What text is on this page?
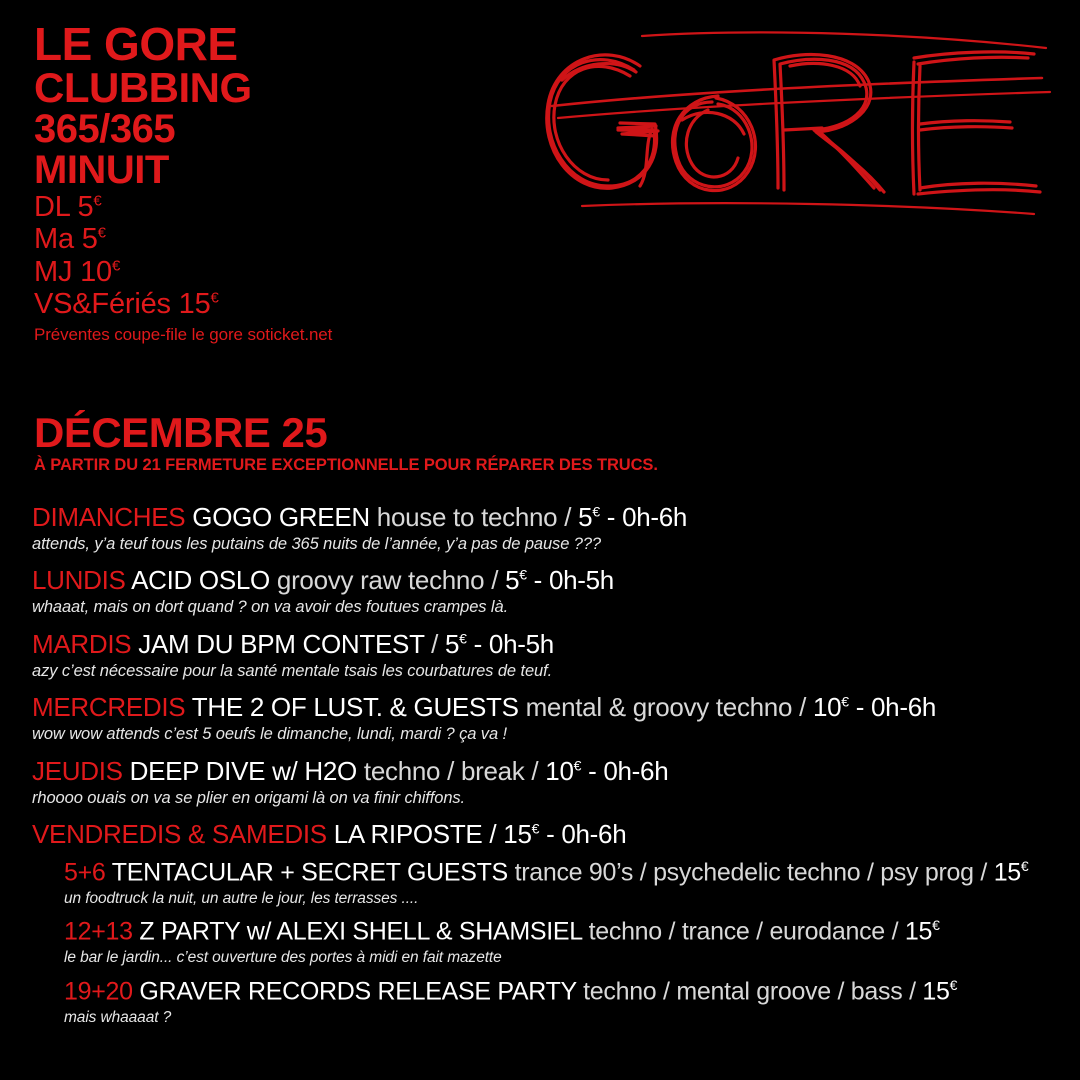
LE GORE
CLUBBING
365/365
MINUIT
DL 5€
Ma 5€
MJ 10€
VS&Fériés 15€
Préventes coupe-file le gore soticket.net
DÉCEMBRE 25
À PARTIR DU 21 FERMETURE EXCEPTIONNELLE POUR RÉPARER DES TRUCS.
DIMANCHES GOGO GREEN house to techno / 5€ - 0h-6h
attends, y’a teuf tous les putains de 365 nuits de l’année, y’a pas de pause ???
LUNDIS ACID OSLO groovy raw techno / 5€ - 0h-5h
whaaat, mais on dort quand ? on va avoir des foutues crampes là.
MARDIS JAM DU BPM CONTEST / 5€ - 0h-5h
azy c’est nécessaire pour la santé mentale tsais les courbatures de teuf.
MERCREDIS THE 2 OF LUST. & GUESTS mental & groovy techno / 10€ - 0h-6h
wow wow attends c’est 5 oeufs le dimanche, lundi, mardi ? ça va !
JEUDIS DEEP DIVE w/ H2O techno / break / 10€ - 0h-6h
rhoooo ouais on va se plier en origami là on va finir chiffons.
VENDREDIS & SAMEDIS LA RIPOSTE / 15€ - 0h-6h
5+6 TENTACULAR + SECRET GUESTS trance 90’s / psychedelic techno / psy prog / 15€
un foodtruck la nuit, un autre le jour, les terrasses ....
12+13 Z PARTY w/ ALEXI SHELL & SHAMSIEL techno / trance / eurodance / 15€
le bar le jardin... c’est ouverture des portes à midi en fait mazette
19+20 GRAVER RECORDS RELEASE PARTY techno / mental groove / bass / 15€
mais whaaaat ?
